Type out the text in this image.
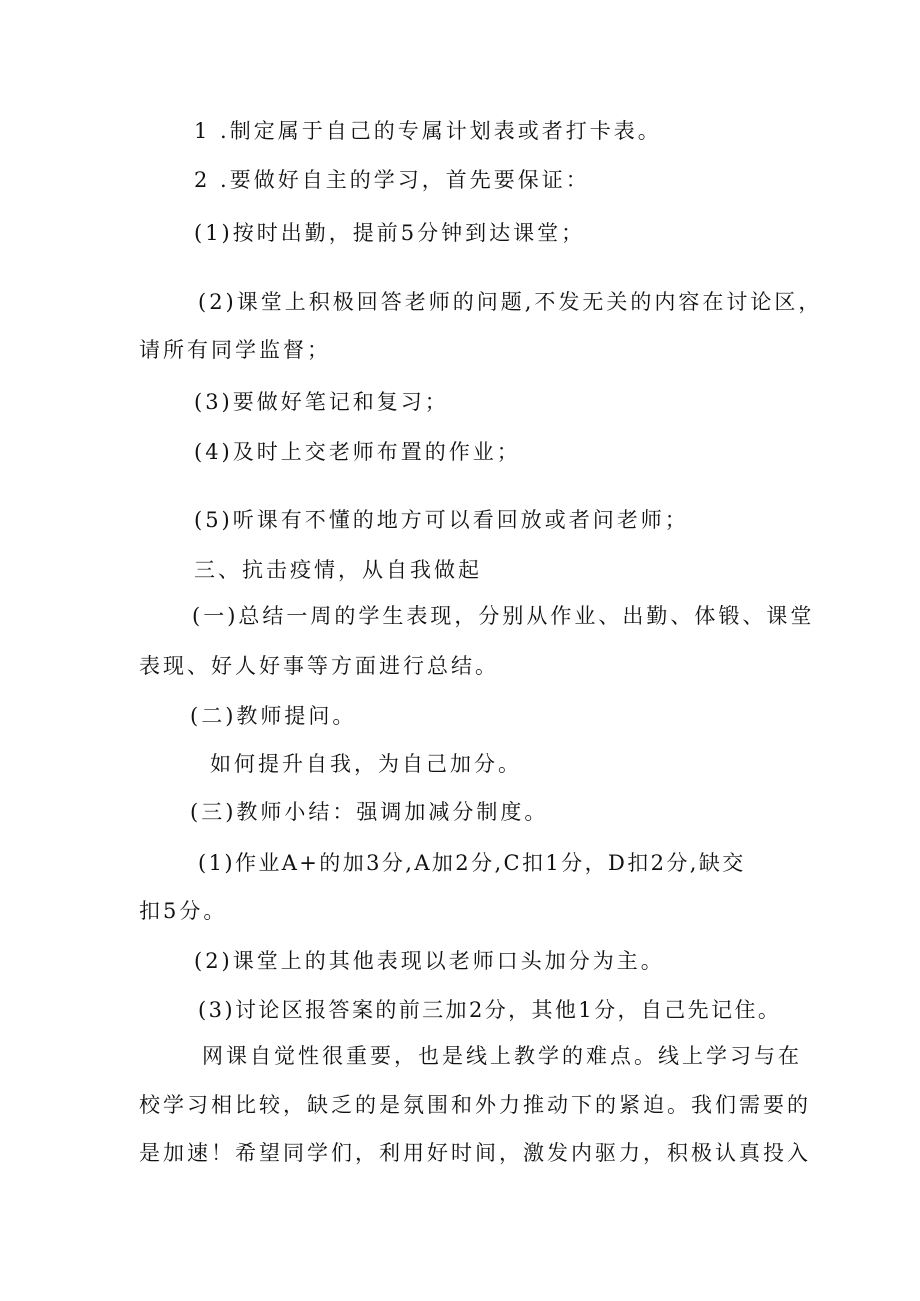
1 .制定属于自己的专属计划表或者打卡表。
2 .要做好自主的学习，首先要保证：
(1)按时出勤，提前5分钟到达课堂；
(2)课堂上积极回答老师的问题,不发无关的内容在讨论区，
请所有同学监督；
(3)要做好笔记和复习；
(4)及时上交老师布置的作业；
(5)听课有不懂的地方可以看回放或者问老师；
三、抗击疫情，从自我做起
(一)总结一周的学生表现，分别从作业、出勤、体锻、课堂
表现、好人好事等方面进行总结。
(二)教师提问。
如何提升自我，为自己加分。
(三)教师小结：强调加减分制度。
(1)作业A+的加3分,A加2分,C扣1分，D扣2分,缺交
扣5分。
(2)课堂上的其他表现以老师口头加分为主。
(3)讨论区报答案的前三加2分，其他1分，自己先记住。
网课自觉性很重要，也是线上教学的难点。线上学习与在
校学习相比较，缺乏的是氛围和外力推动下的紧迫。我们需要的
是加速！希望同学们，利用好时间，激发内驱力，积极认真投入
